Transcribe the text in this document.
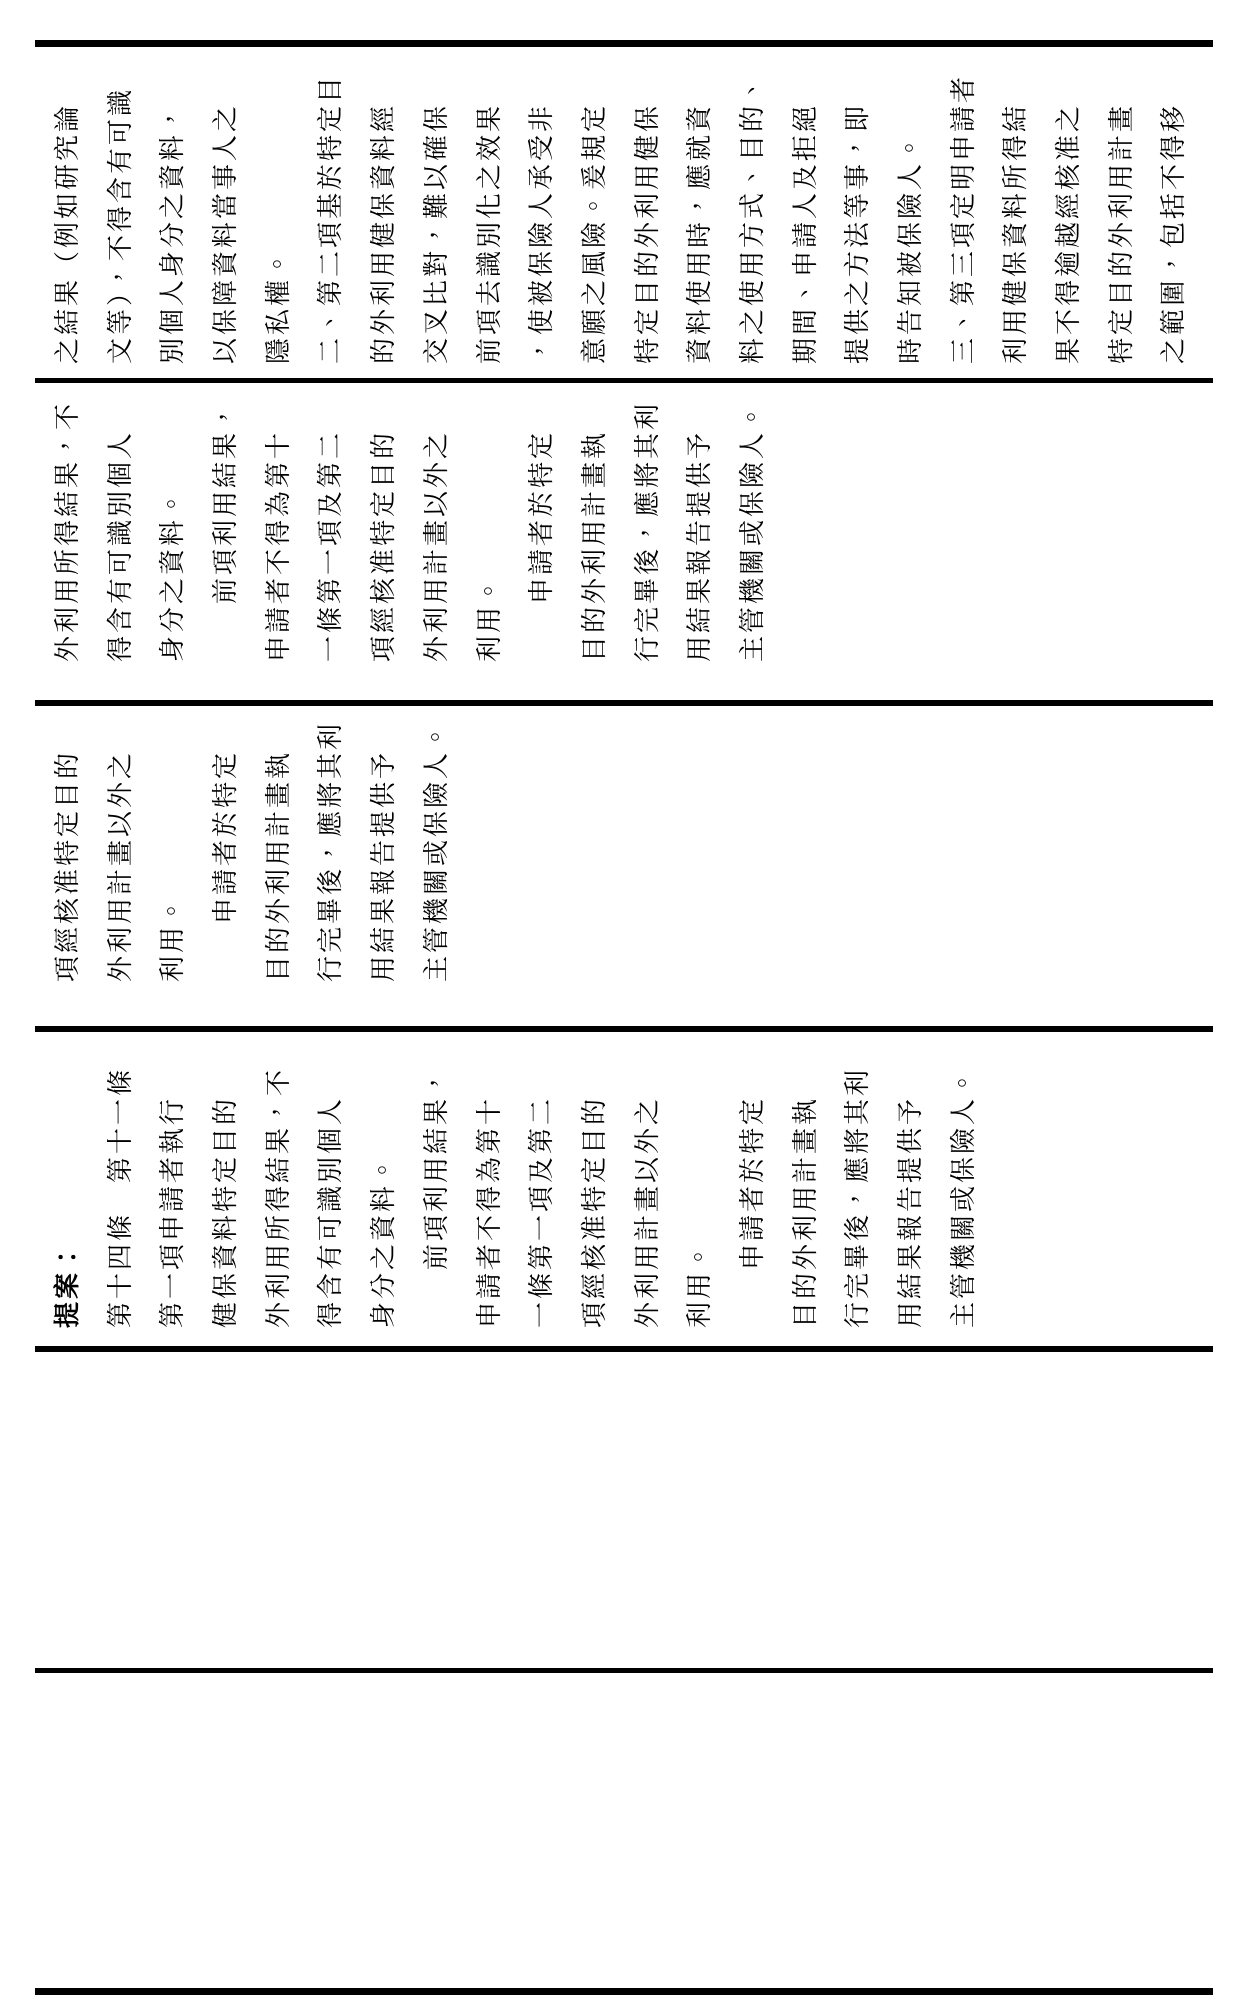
提案： 第十四條　第十一條 第一項申請者執行 健保資料特定目的 外利用所得結果，不 得含有可識別個人 身分之資料。 　　前項利用結果， 申請者不得為第十 一條第一項及第二 項經核准特定目的 外利用計畫以外之 利用。 　　申請者於特定 目的外利用計畫執 行完畢後，應將其利 用結果報告提供予 主管機關或保險人。
項經核准特定目的 外利用計畫以外之 利用。 　　申請者於特定 目的外利用計畫執 行完畢後，應將其利 用結果報告提供予 主管機關或保險人。
外利用所得結果，不 得含有可識別個人 身分之資料。 　　前項利用結果， 申請者不得為第十 一條第一項及第二 項經核准特定目的 外利用計畫以外之 利用。 　　申請者於特定 目的外利用計畫執 行完畢後，應將其利 用結果報告提供予 主管機關或保險人。
之結果（例如研究論 文等），不得含有可識 別個人身分之資料， 以保障資料當事人之 隱私權。 二、第二項基於特定目 的外利用健保資料經 交叉比對，難以確保 前項去識別化之效果 ，使被保險人承受非 意願之風險。爰規定 特定目的外利用健保 資料使用時，應就資 料之使用方式、目的、 期間、申請人及拒絕 提供之方法等事，即 時告知被保險人。 三、第三項定明申請者 利用健保資料所得結 果不得逾越經核准之 特定目的外利用計畫 之範圍，包括不得移
